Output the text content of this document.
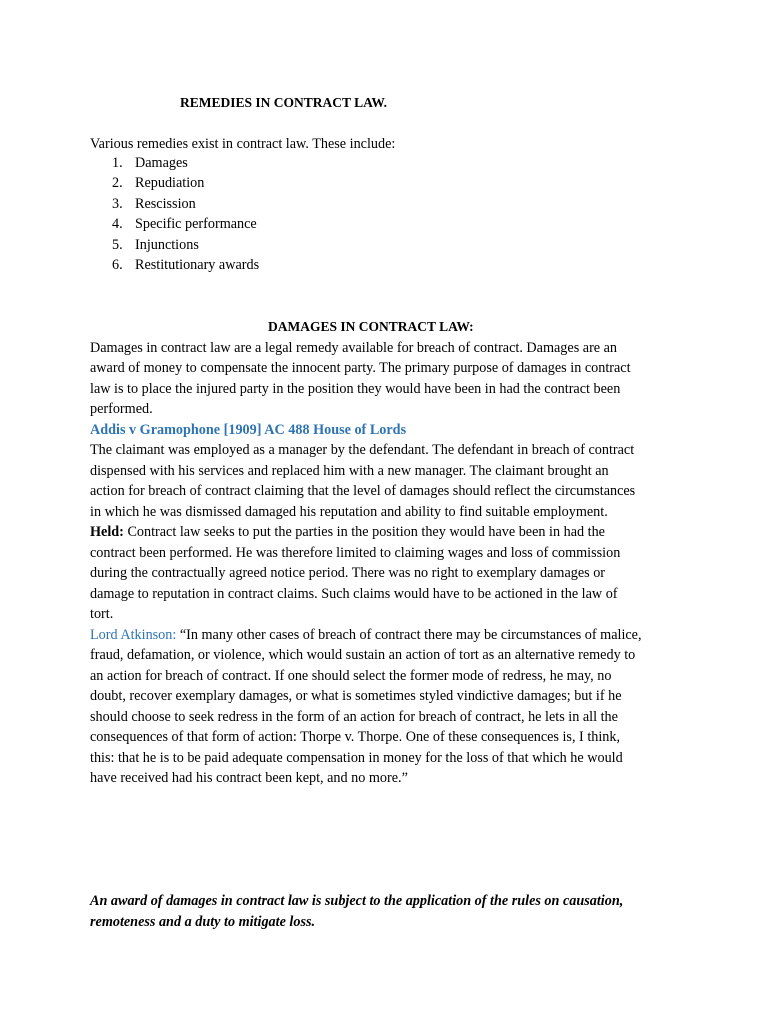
REMEDIES IN CONTRACT LAW.
Various remedies exist in contract law. These include:
1. Damages
2. Repudiation
3. Rescission
4. Specific performance
5. Injunctions
6. Restitutionary awards
DAMAGES IN CONTRACT LAW:
Damages in contract law are a legal remedy available for breach of contract. Damages are an
award of money to compensate the innocent party. The primary purpose of damages in contract
law is to place the injured party in the position they would have been in had the contract been
performed.
Addis v Gramophone [1909] AC 488 House of Lords
The claimant was employed as a manager by the defendant. The defendant in breach of contract
dispensed with his services and replaced him with a new manager. The claimant brought an
action for breach of contract claiming that the level of damages should reflect the circumstances
in which he was dismissed damaged his reputation and ability to find suitable employment.
Held: Contract law seeks to put the parties in the position they would have been in had the
contract been performed. He was therefore limited to claiming wages and loss of commission
during the contractually agreed notice period. There was no right to exemplary damages or
damage to reputation in contract claims. Such claims would have to be actioned in the law of
tort.
Lord Atkinson: “In many other cases of breach of contract there may be circumstances of malice,
fraud, defamation, or violence, which would sustain an action of tort as an alternative remedy to
an action for breach of contract. If one should select the former mode of redress, he may, no
doubt, recover exemplary damages, or what is sometimes styled vindictive damages; but if he
should choose to seek redress in the form of an action for breach of contract, he lets in all the
consequences of that form of action: Thorpe v. Thorpe. One of these consequences is, I think,
this: that he is to be paid adequate compensation in money for the loss of that which he would
have received had his contract been kept, and no more.”
An award of damages in contract law is subject to the application of the rules on causation,
remoteness and a duty to mitigate loss.
